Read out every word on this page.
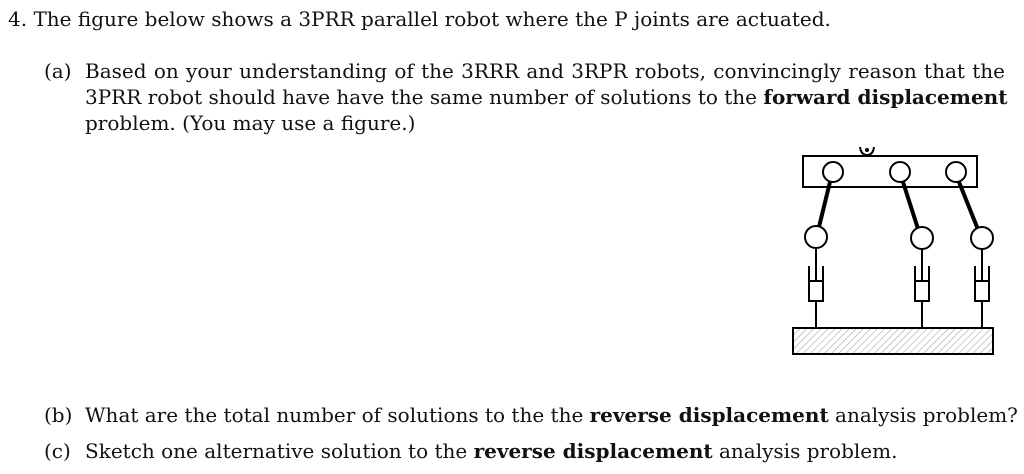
4. The figure below shows a 3PRR parallel robot where the P joints are actuated.
(a) Based on your understanding of the 3RRR and 3RPR robots, convincingly reason that the
3PRR robot should have have the same number of solutions to the forward displacement
problem. (You may use a figure.)
(b) What are the total number of solutions to the the reverse displacement analysis problem?
(c) Sketch one alternative solution to the reverse displacement analysis problem.
